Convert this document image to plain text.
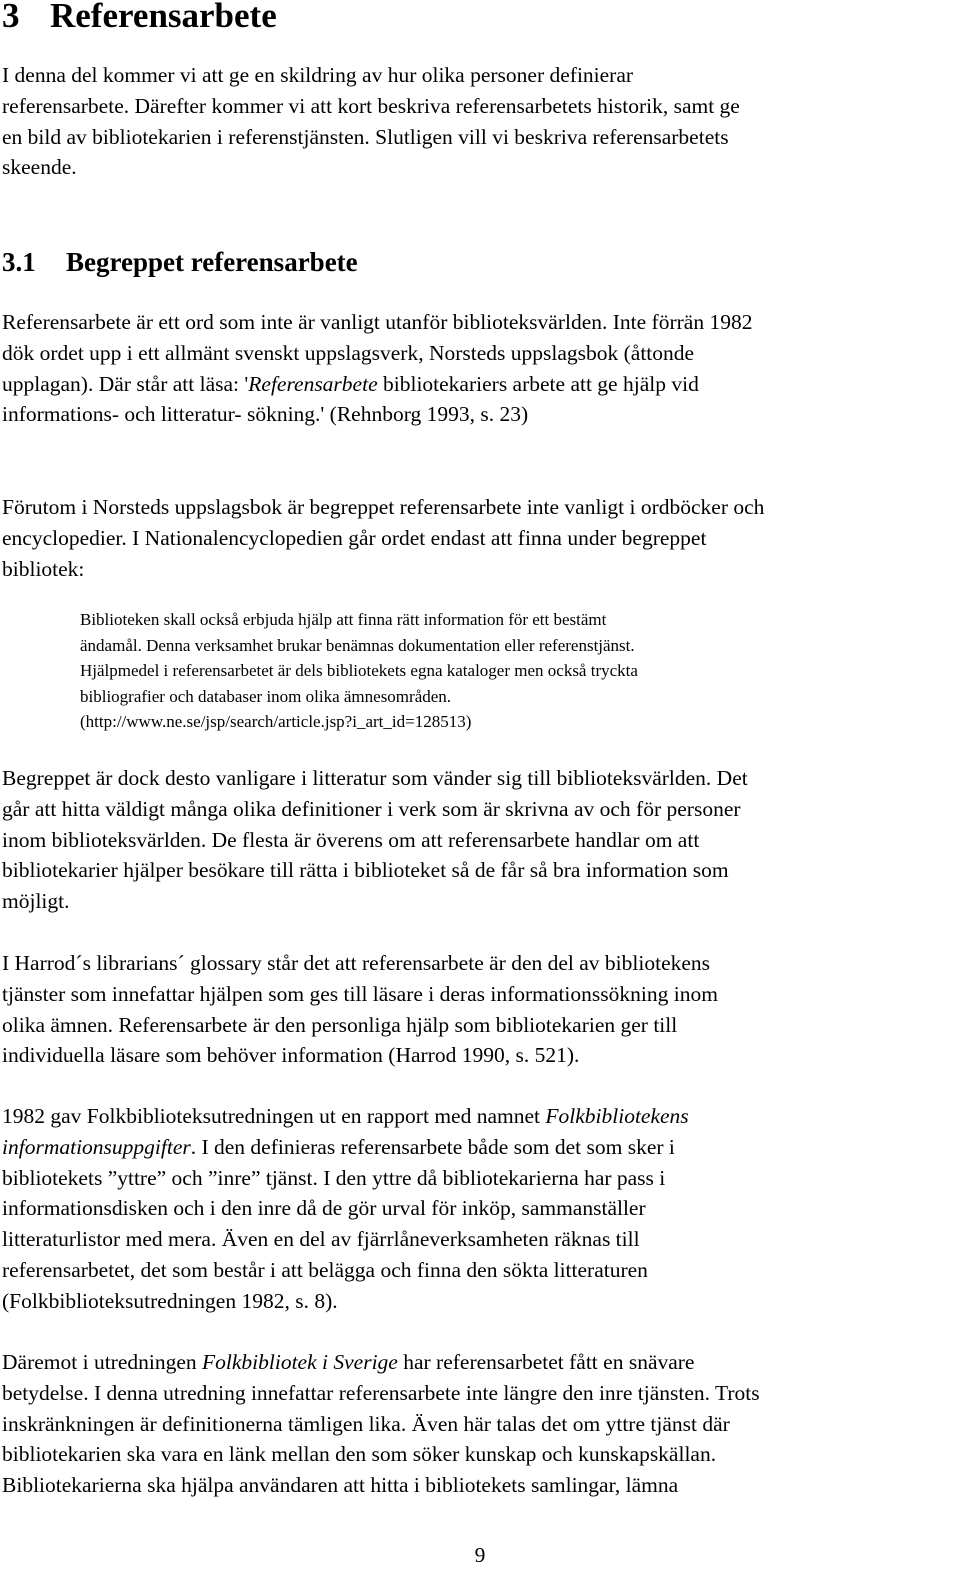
3 Referensarbete

I denna del kommer vi att ge en skildring av hur olika personer definierar
referensarbete. Därefter kommer vi att kort beskriva referensarbetets historik, samt ge
en bild av bibliotekarien i referenstjänsten. Slutligen vill vi beskriva referensarbetets
skeende.

3.1 Begreppet referensarbete

Referensarbete är ett ord som inte är vanligt utanför biblioteksvärlden. Inte förrän 1982
dök ordet upp i ett allmänt svenskt uppslagsverk, Norsteds uppslagsbok (åttonde
upplagan). Där står att läsa: 'Referensarbete bibliotekariers arbete att ge hjälp vid
informations- och litteratur- sökning.' (Rehnborg 1993, s. 23)

Förutom i Norsteds uppslagsbok är begreppet referensarbete inte vanligt i ordböcker och
encyclopedier. I Nationalencyclopedien går ordet endast att finna under begreppet
bibliotek:

Biblioteken skall också erbjuda hjälp att finna rätt information för ett bestämt
ändamål. Denna verksamhet brukar benämnas dokumentation eller referenstjänst.
Hjälpmedel i referensarbetet är dels bibliotekets egna kataloger men också tryckta
bibliografier och databaser inom olika ämnesområden.
(http://www.ne.se/jsp/search/article.jsp?i_art_id=128513)

Begreppet är dock desto vanligare i litteratur som vänder sig till biblioteksvärlden. Det
går att hitta väldigt många olika definitioner i verk som är skrivna av och för personer
inom biblioteksvärlden. De flesta är överens om att referensarbete handlar om att
bibliotekarier hjälper besökare till rätta i biblioteket så de får så bra information som
möjligt.

I Harrod´s librarians´ glossary står det att referensarbete är den del av bibliotekens
tjänster som innefattar hjälpen som ges till läsare i deras informationssökning inom
olika ämnen. Referensarbete är den personliga hjälp som bibliotekarien ger till
individuella läsare som behöver information (Harrod 1990, s. 521).

1982 gav Folkbiblioteksutredningen ut en rapport med namnet Folkbibliotekens
informationsuppgifter. I den definieras referensarbete både som det som sker i
bibliotekets ”yttre” och ”inre” tjänst. I den yttre då bibliotekarierna har pass i
informationsdisken och i den inre då de gör urval för inköp, sammanställer
litteraturlistor med mera. Även en del av fjärrlåneverksamheten räknas till
referensarbetet, det som består i att belägga och finna den sökta litteraturen
(Folkbiblioteksutredningen 1982, s. 8).

Däremot i utredningen Folkbibliotek i Sverige har referensarbetet fått en snävare
betydelse. I denna utredning innefattar referensarbete inte längre den inre tjänsten. Trots
inskränkningen är definitionerna tämligen lika. Även här talas det om yttre tjänst där
bibliotekarien ska vara en länk mellan den som söker kunskap och kunskapskällan.
Bibliotekarierna ska hjälpa användaren att hitta i bibliotekets samlingar, lämna

9
